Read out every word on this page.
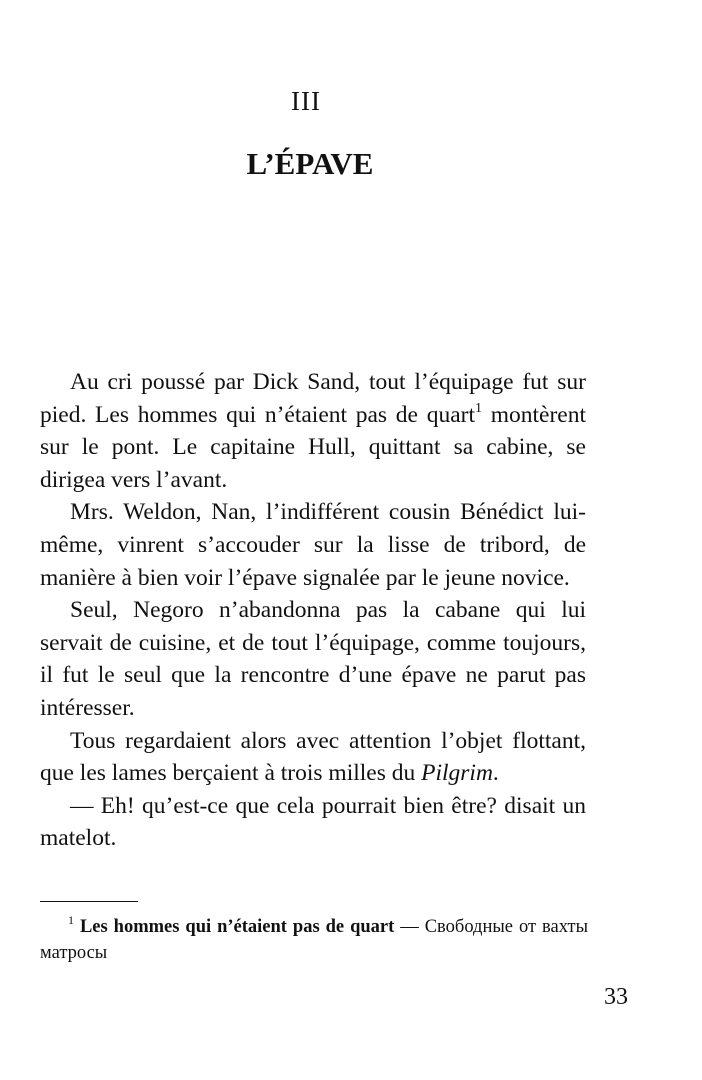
III
L’ÉPAVE

Au cri poussé par Dick Sand, tout l’équipage fut sur pied. Les hommes qui n’étaient pas de quart$^1$ montèrent sur le pont. Le capitaine Hull, quittant sa cabine, se dirigea vers l’avant.

Mrs. Weldon, Nan, l’indifférent cousin Bénédict lui-même, vinrent s’accouder sur la lisse de tribord, de manière à bien voir l’épave signalée par le jeune novice.

Seul, Negoro n’abandonna pas la cabane qui lui servait de cuisine, et de tout l’équipage, comme toujours, il fut le seul que la rencontre d’une épave ne parut pas intéresser.

Tous regardaient alors avec attention l’objet flottant, que les lames berçaient à trois milles du Pilgrim.

— Eh! qu’est-ce que cela pourrait bien être? disait un matelot.

$^1$ Les hommes qui n’étaient pas de quart — Свободные от вахты матросы
33
